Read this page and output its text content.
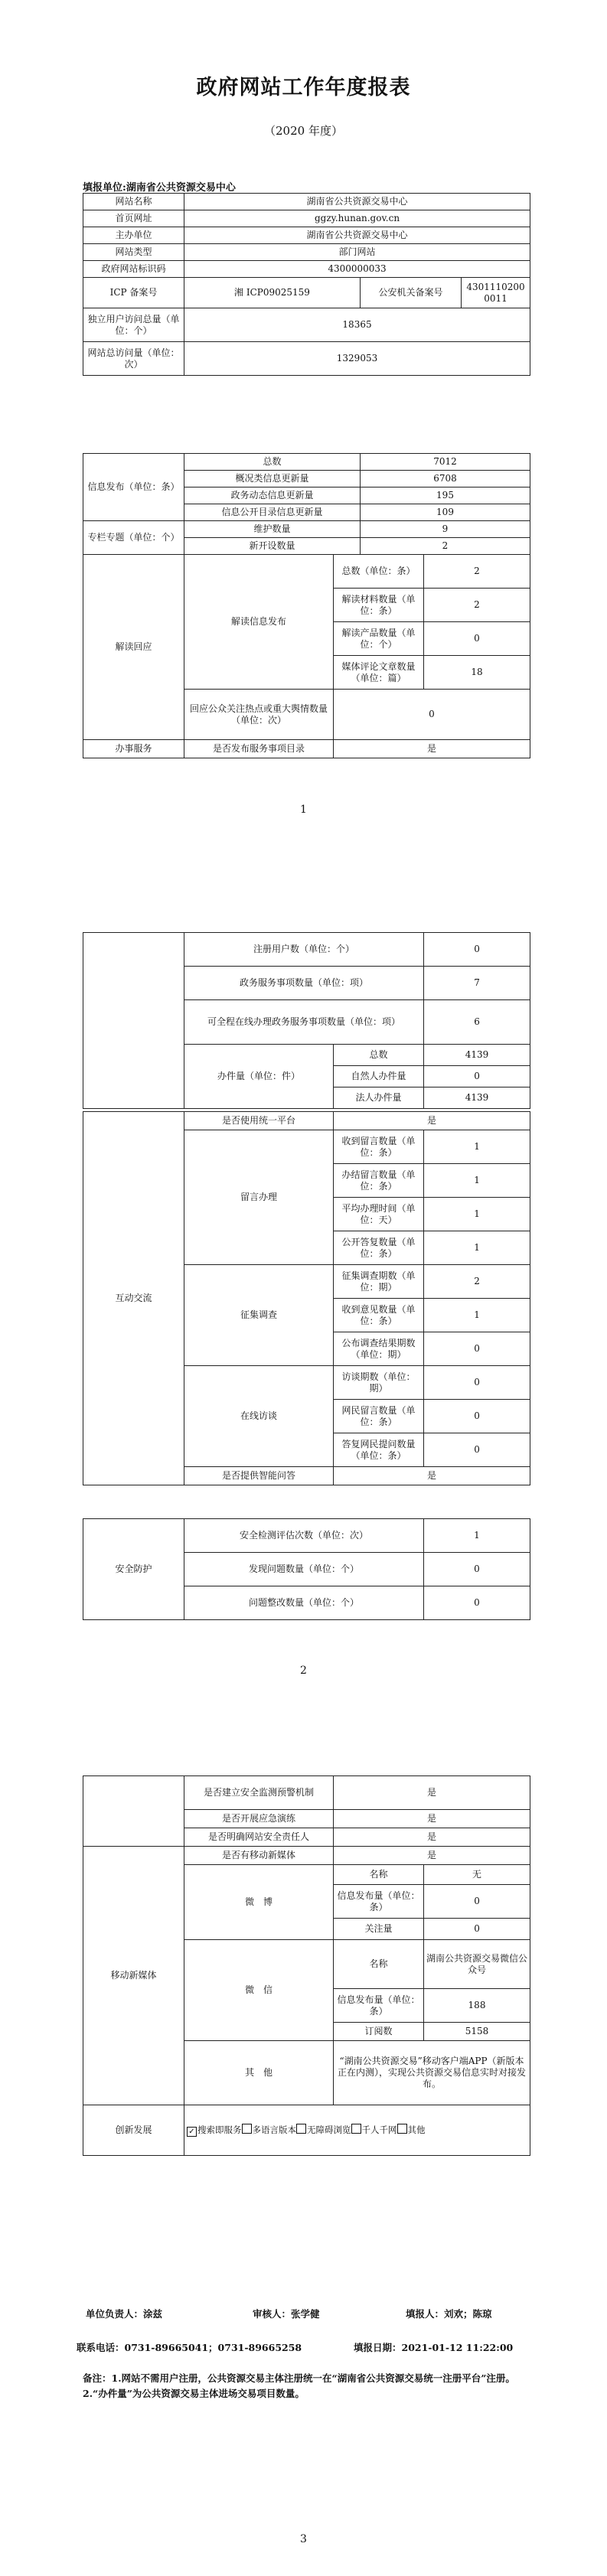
政府网站工作年度报表
（2020 年度）
填报单位:湖南省公共资源交易中心
网站名称	湖南省公共资源交易中心		
首页网址	ggzy.hunan.gov.cn		
主办单位	湖南省公共资源交易中心		
网站类型	部门网站		
政府网站标识码	4300000033		
ICP 备案号	湘 ICP09025159	公安机关备案号	43011102000011
独立用户访问总量（单位：个）	18365		
网站总访问量（单位：次）	1329053		
信息发布（单位：条）	总数	7012
	概况类信息更新量	6708
	政务动态信息更新量	195
	信息公开目录信息更新量	109
专栏专题（单位：个）	维护数量	9
	新开设数量	2
解读回应	解读信息发布	总数（单位：条）	2
		解读材料数量（单位：条）	2
		解读产品数量（单位：个）	0
		媒体评论文章数量（单位：篇）	18
	回应公众关注热点或重大舆情数量（单位：次）	0	
办事服务	是否发布服务事项目录	是	
1
	注册用户数（单位：个）		0
	政务服务事项数量（单位：项）		7
	可全程在线办理政务服务事项数量（单位：项）		6
	办件量（单位：件）	总数	4139
		自然人办件量	0
		法人办件量	4139
互动交流	是否使用统一平台	是	
	留言办理	收到留言数量（单位：条）	1
		办结留言数量（单位：条）	1
		平均办理时间（单位：天）	1
		公开答复数量（单位：条）	1
	征集调查	征集调查期数（单位：期）	2
		收到意见数量（单位：条）	1
		公布调查结果期数（单位：期）	0
	在线访谈	访谈期数（单位：期）	0
		网民留言数量（单位：条）	0
		答复网民提问数量（单位：条）	0
	是否提供智能问答	是	
安全防护	安全检测评估次数（单位：次）	1
	发现问题数量（单位：个）	0
	问题整改数量（单位：个）	0
2
	是否建立安全监测预警机制	是
	是否开展应急演练	是
	是否明确网站安全责任人	是
移动新媒体	是否有移动新媒体	是	
	微　博	名称	无
		信息发布量（单位：条）	0
		关注量	0
	微　信	名称	湖南公共资源交易微信公众号
		信息发布量（单位：条）	188
		订阅数	5158
	其　他	“湖南公共资源交易”移动客户端APP（新版本正在内测），实现公共资源交易信息实时对接发布。	
创新发展	✓ 搜索即服务 多语言版本 无障碍浏览 千人千网 其他		
单位负责人：涂兹	审核人：张学健	填报人：刘欢；陈琼
联系电话：0731-89665041；0731-89665258	填报日期：2021-01-12 11:22:00
备注：1.网站不需用户注册，公共资源交易主体注册统一在“湖南省公共资源交易统一注册平台”注册。2.“办件量”为公共资源交易主体进场交易项目数量。
3
